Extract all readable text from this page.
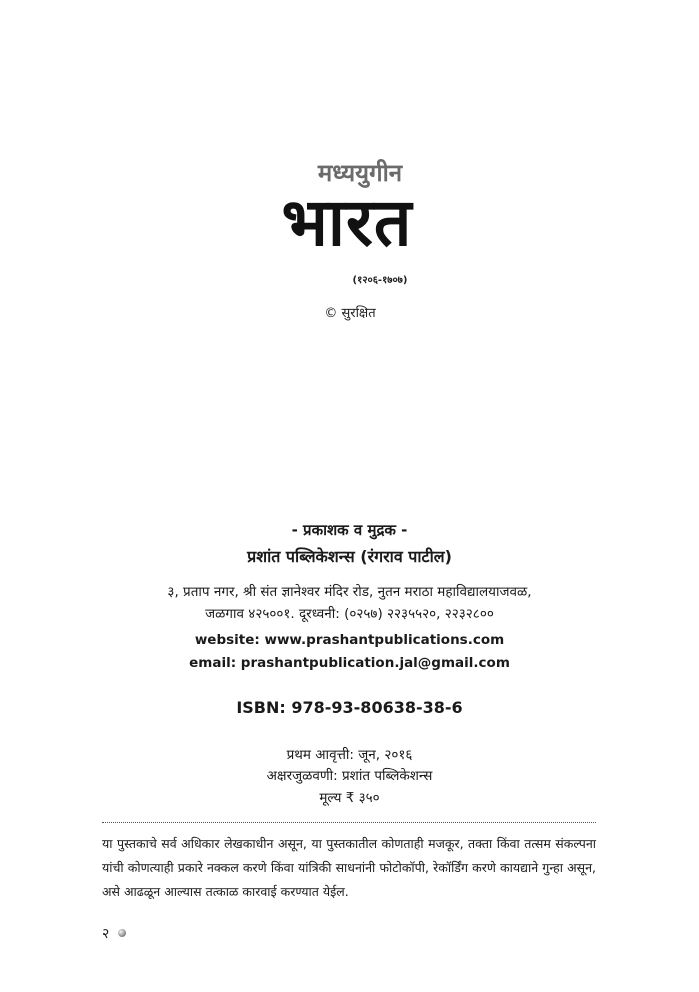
मध्ययुगीन
भारत
(१२०६-१७०७)
© सुरक्षित
- प्रकाशक व मुद्रक -
प्रशांत पब्लिकेशन्स (रंगराव पाटील)
३, प्रताप नगर, श्री संत ज्ञानेश्वर मंदिर रोड, नुतन मराठा महाविद्यालयाजवळ,
जळगाव ४२५००१. दूरध्वनी: (०२५७) २२३५५२०, २२३२८००
website: www.prashantpublications.com
email: prashantpublication.jal@gmail.com
ISBN: 978-93-80638-38-6
प्रथम आवृत्ती: जून, २०१६
अक्षरजुळवणी: प्रशांत पब्लिकेशन्स
मूल्य ₹ ३५०
या पुस्तकाचे सर्व अधिकार लेखकाधीन असून, या पुस्तकातील कोणताही मजकूर, तक्ता किंवा तत्सम संकल्पना यांची कोणत्याही प्रकारे नक्कल करणे किंवा यांत्रिकी साधनांनी फोटोकॉपी, रेकॉर्डिंग करणे कायद्याने गुन्हा असून, असे आढळून आल्यास तत्काळ कारवाई करण्यात येईल.
२
